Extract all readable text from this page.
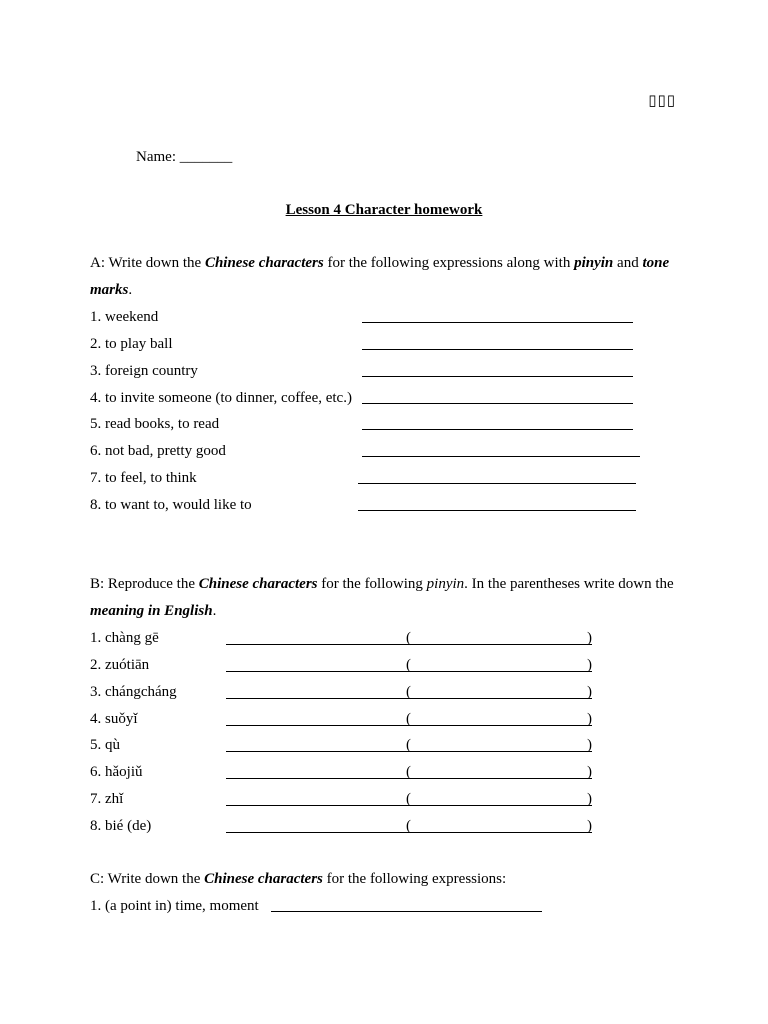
▯▯▯
Name: _______
Lesson 4 Character homework
A: Write down the Chinese characters for the following expressions along with pinyin and tone marks.
1. weekend
2. to play ball
3. foreign country
4. to invite someone (to dinner, coffee, etc.)
5. read books, to read
6. not bad, pretty good
7. to feel, to think
8. to want to, would like to
B: Reproduce the Chinese characters for the following pinyin. In the parentheses write down the meaning in English.
1. chàng gē	(	)
2. zuótiān	(	)
3. chángcháng	(	)
4. suǒyǐ	(	)
5. qù	(	)
6. hǎojiǔ	(	)
7. zhǐ	(	)
8. bié (de)	(	)
C: Write down the Chinese characters for the following expressions:
1. (a point in) time, moment
